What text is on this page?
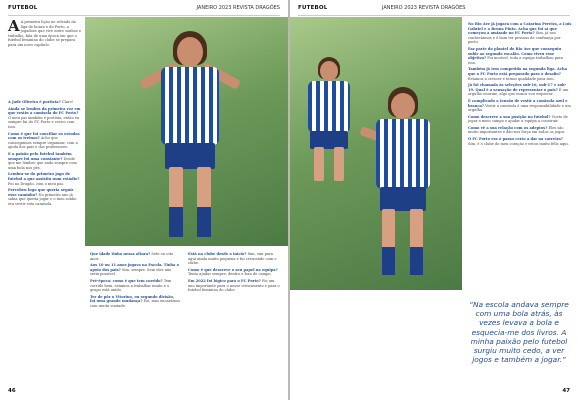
FUTEBOL	JANEIRO 2023 REVISTA DRAGÕES
A A primeira lição no relvado da liga de honra e do Porto, a jogadora que vive entre sonhos e trabalho, fala de uma época em que o futebol feminino do clube se prepara para um novo capítulo.

A Jade Oliveira é portista? Claro!

Ainda se lembra da primeira vez em que vestiu a camisola do FC Porto? O meu pai também é portista, então eu sempre fui do FC Porto e cresci com isso.

Como é que foi conciliar os estudos com os treinos? Acho que conseguimos sempre organizar, com a ajuda dos pais e dos professores.

E a paixão pelo futebol também sempre foi uma constante? Desde que me lembro que ando sempre com uma bola nos pés.

Lembra-se do primeiro jogo de futebol a que assistiu num estádio? Foi no Dragão, com o meu pai.

Percebeu logo que queria seguir esse caminho? No primeiro ano já sabia que queria jogar e o meu sonho era vestir esta camisola.

Que idade tinha nessa altura? Sete ou oito anos.

Aos 10 ou 11 anos jogava na Escola. Tinha o apoio dos pais? Sim, sempre. Sem eles não seria possível.

Pré-época: como é que tem corrido? Tem corrido bem, estamos a trabalhar muito e o grupo está unido.

Ter de pôr o Vitorino, ou segundo divisão, foi uma grande mudança? Foi, mas encarámos com muita vontade.

Está no clube desde o início? Sim, vim para aqui ainda muito pequena e fui crescendo com o clube.

Como é que descreve o seu papel na equipa? Tento ajudar sempre, dentro e fora de campo.

Em 2022 foi lógico para o FC Porto? Foi um ano importante para o nosso crescimento e para o futebol feminino do clube.

46
FUTEBOL	JANEIRO 2023 REVISTA DRAGÕES

No Rio Ave já jogava com a Catarina Pereira, a Luís Gabriel e a Bruna Pinto. Acha que foi aí que começou a amizade no FC Porto? Sim, já nos conhecíamos e é bom ter pessoas de confiança por perto.

Faz parte do plantel do Rio Ave que conseguiu subir ao segundo escalão. Como viveu esse objetivo? Foi incrível, toda a equipa trabalhou para isso.

Também já tem competido na segunda liga. Acha que o FC Porto está preparado para o desafio? Estamos a crescer e temos qualidade para isso.

Já foi chamada às seleções sub-16, sub-17 e sub-19. Qual é a sensação de representar o país? É um orgulho enorme, algo que nunca vou esquecer.

É complicado a tensão de vestir a camisola azul e branca? Vestir a camisola é uma responsabilidade e um orgulho.

Como descreve a sua posição no futebol? Gosto de jogar a meio campo e ajudar a equipa a construir.

Como vê a sua relação com os adeptos? Eles são muito importantes e dão-nos força em todos os jogos.

O FC Porto era o passo certo a dar na carreira? Sim, é o clube do meu coração e estou muito feliz aqui.

“Na escola andava sempre com uma bola atrás, às vezes levava a bola e esquecia-me dos livros. A minha paixão pelo futebol surgiu muito cedo, a ver jogos e também a jogar.”
47
